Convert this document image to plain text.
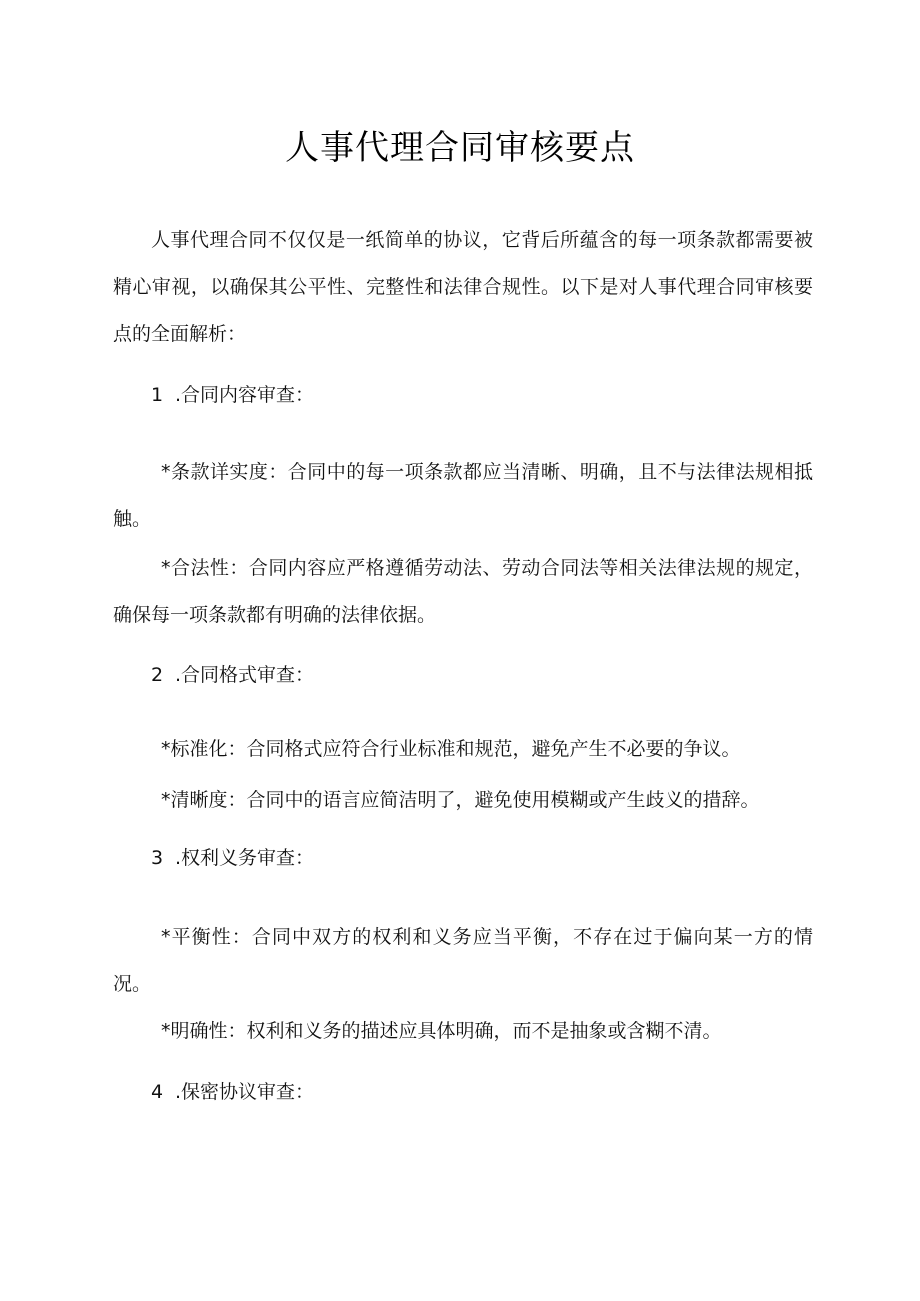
人事代理合同审核要点

人事代理合同不仅仅是一纸简单的协议，它背后所蕴含的每一项条款都需要被精心审视，以确保其公平性、完整性和法律合规性。以下是对人事代理合同审核要点的全面解析：

1 .合同内容审查：

*条款详实度：合同中的每一项条款都应当清晰、明确，且不与法律法规相抵触。

*合法性：合同内容应严格遵循劳动法、劳动合同法等相关法律法规的规定，确保每一项条款都有明确的法律依据。

2 .合同格式审查：

*标准化：合同格式应符合行业标准和规范，避免产生不必要的争议。

*清晰度：合同中的语言应简洁明了，避免使用模糊或产生歧义的措辞。

3 .权利义务审查：

*平衡性：合同中双方的权利和义务应当平衡，不存在过于偏向某一方的情况。

*明确性：权利和义务的描述应具体明确，而不是抽象或含糊不清。

4 .保密协议审查：
